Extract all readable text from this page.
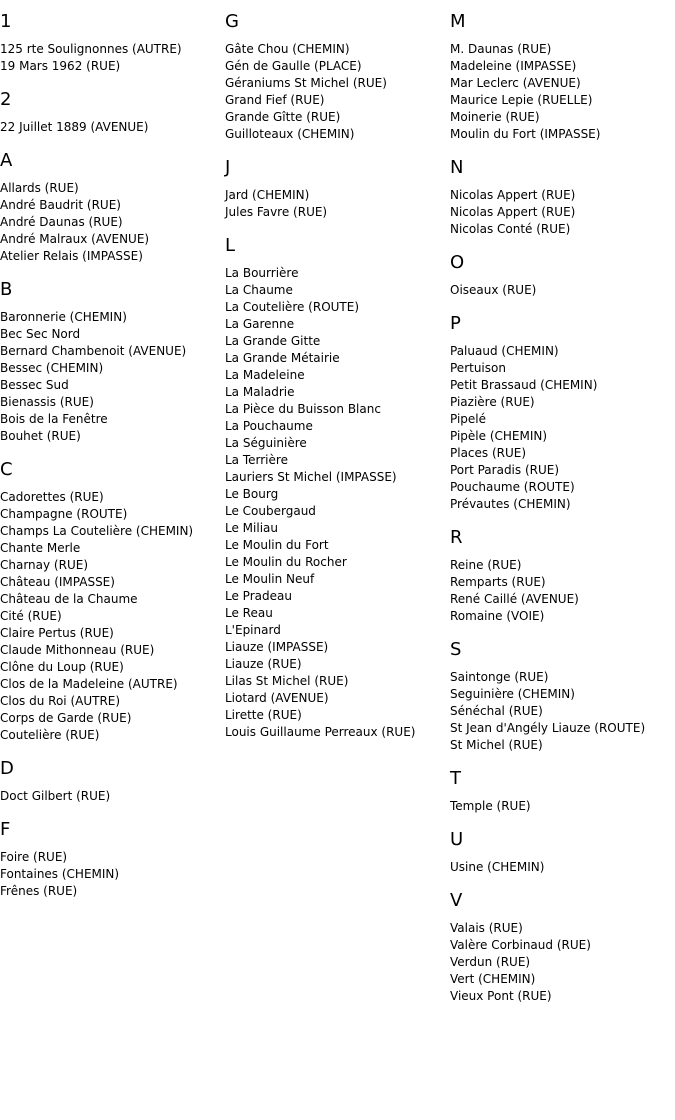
1
125 rte Soulignonnes (AUTRE)
19 Mars 1962 (RUE)
2
22 Juillet 1889 (AVENUE)
A
Allards (RUE)
André Baudrit (RUE)
André Daunas (RUE)
André Malraux (AVENUE)
Atelier Relais (IMPASSE)
B
Baronnerie (CHEMIN)
Bec Sec Nord
Bernard Chambenoit (AVENUE)
Bessec (CHEMIN)
Bessec Sud
Bienassis (RUE)
Bois de la Fenêtre
Bouhet (RUE)
C
Cadorettes (RUE)
Champagne (ROUTE)
Champs La Coutelière (CHEMIN)
Chante Merle
Charnay (RUE)
Château (IMPASSE)
Château de la Chaume
Cité (RUE)
Claire Pertus (RUE)
Claude Mithonneau (RUE)
Clône du Loup (RUE)
Clos de la Madeleine (AUTRE)
Clos du Roi (AUTRE)
Corps de Garde (RUE)
Coutelière (RUE)
D
Doct Gilbert (RUE)
F
Foire (RUE)
Fontaines (CHEMIN)
Frênes (RUE)
G
Gâte Chou (CHEMIN)
Gén de Gaulle (PLACE)
Géraniums St Michel (RUE)
Grand Fief (RUE)
Grande Gîtte (RUE)
Guilloteaux (CHEMIN)
J
Jard (CHEMIN)
Jules Favre (RUE)
L
La Bourrière
La Chaume
La Coutelière (ROUTE)
La Garenne
La Grande Gitte
La Grande Métairie
La Madeleine
La Maladrie
La Pièce du Buisson Blanc
La Pouchaume
La Séguinière
La Terrière
Lauriers St Michel (IMPASSE)
Le Bourg
Le Coubergaud
Le Miliau
Le Moulin du Fort
Le Moulin du Rocher
Le Moulin Neuf
Le Pradeau
Le Reau
L'Epinard
Liauze (IMPASSE)
Liauze (RUE)
Lilas St Michel (RUE)
Liotard (AVENUE)
Lirette (RUE)
Louis Guillaume Perreaux (RUE)
M
M. Daunas (RUE)
Madeleine (IMPASSE)
Mar Leclerc (AVENUE)
Maurice Lepie (RUELLE)
Moinerie (RUE)
Moulin du Fort (IMPASSE)
N
Nicolas Appert (RUE)
Nicolas Appert (RUE)
Nicolas Conté (RUE)
O
Oiseaux (RUE)
P
Paluaud (CHEMIN)
Pertuison
Petit Brassaud (CHEMIN)
Piazière (RUE)
Pipelé
Pipèle (CHEMIN)
Places (RUE)
Port Paradis (RUE)
Pouchaume (ROUTE)
Prévautes (CHEMIN)
R
Reine (RUE)
Remparts (RUE)
René Caillé (AVENUE)
Romaine (VOIE)
S
Saintonge (RUE)
Seguinière (CHEMIN)
Sénéchal (RUE)
St Jean d'Angély Liauze (ROUTE)
St Michel (RUE)
T
Temple (RUE)
U
Usine (CHEMIN)
V
Valais (RUE)
Valère Corbinaud (RUE)
Verdun (RUE)
Vert (CHEMIN)
Vieux Pont (RUE)
